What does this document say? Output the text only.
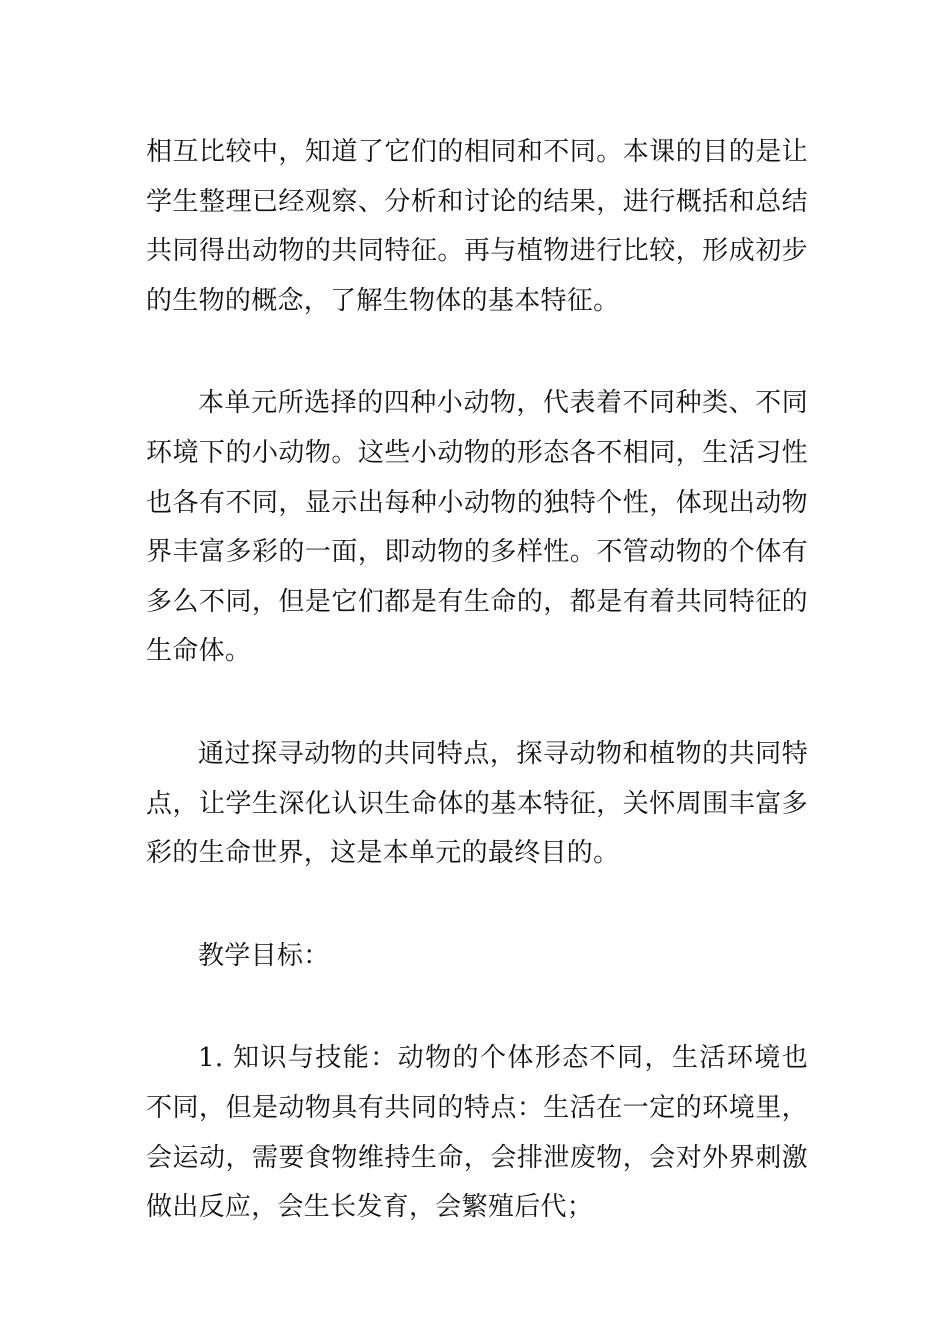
相互比较中，知道了它们的相同和不同。本课的目的是让学生整理已经观察、分析和讨论的结果，进行概括和总结共同得出动物的共同特征。再与植物进行比较，形成初步的生物的概念，了解生物体的基本特征。

本单元所选择的四种小动物，代表着不同种类、不同环境下的小动物。这些小动物的形态各不相同，生活习性也各有不同，显示出每种小动物的独特个性，体现出动物界丰富多彩的一面，即动物的多样性。不管动物的个体有多么不同，但是它们都是有生命的，都是有着共同特征的生命体。

通过探寻动物的共同特点，探寻动物和植物的共同特点，让学生深化认识生命体的基本特征，关怀周围丰富多彩的生命世界，这是本单元的最终目的。

教学目标：

1. 知识与技能：动物的个体形态不同，生活环境也不同，但是动物具有共同的特点：生活在一定的环境里，会运动，需要食物维持生命，会排泄废物，会对外界刺激做出反应，会生长发育，会繁殖后代；
